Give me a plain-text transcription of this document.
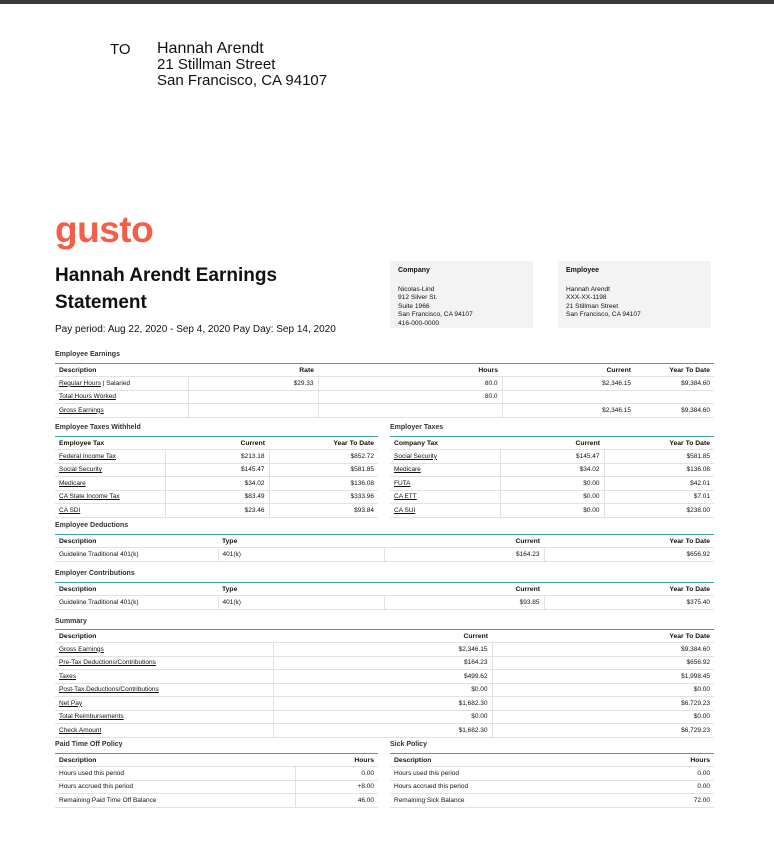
TO Hannah Arendt
21 Stillman Street
San Francisco, CA 94107
gusto
Hannah Arendt Earnings
Statement
Pay period: Aug 22, 2020 - Sep 4, 2020 Pay Day: Sep 14, 2020
Company
Nicolas-Lind
912 Silver St.
Suite 1966
San Francisco, CA 94107
416-000-0000
Employee
Hannah Arendt
XXX-XX-1198
21 Stillman Street
San Francisco, CA 94107
Employee Earnings
Description	Rate	Hours	Current	Year To Date
Regular Hours | Salaried	$29.33	80.0	$2,346.15	$9,384.60
Total Hours Worked		80.0		
Gross Earnings			$2,346.15	$9,384.60
Employee Taxes Withheld
Employee Tax	Current	Year To Date
Federal Income Tax	$213.18	$852.72
Social Security	$145.47	$581.85
Medicare	$34.02	$136.08
CA State Income Tax	$83.49	$333.96
CA SDI	$23.46	$93.84
Employer Taxes
Company Tax	Current	Year To Date
Social Security	$145.47	$581.85
Medicare	$34.02	$136.08
FUTA	$0.00	$42.01
CA ETT	$0.00	$7.01
CA SUI	$0.00	$238.00
Employee Deductions
Description	Type	Current	Year To Date
Guideline Traditional 401(k)	401(k)	$164.23	$656.92
Employer Contributions
Description	Type	Current	Year To Date
Guideline Traditional 401(k)	401(k)	$93.85	$375.40
Summary
Description	Current	Year To Date
Gross Earnings	$2,346.15	$9,384.60
Pre-Tax Deductions/Contributions	$164.23	$656.92
Taxes	$499.62	$1,998.45
Post-Tax Deductions/Contributions	$0.00	$0.00
Net Pay	$1,682.30	$6,729.23
Total Reimbursements	$0.00	$0.00
Check Amount	$1,682.30	$6,729.23
Paid Time Off Policy
Description	Hours
Hours used this period	0.00
Hours accrued this period	+8.00
Remaining Paid Time Off Balance	46.00
Sick Policy
Description	Hours
Hours used this period	0.00
Hours accrued this period	0.00
Remaining Sick Balance	72.00
